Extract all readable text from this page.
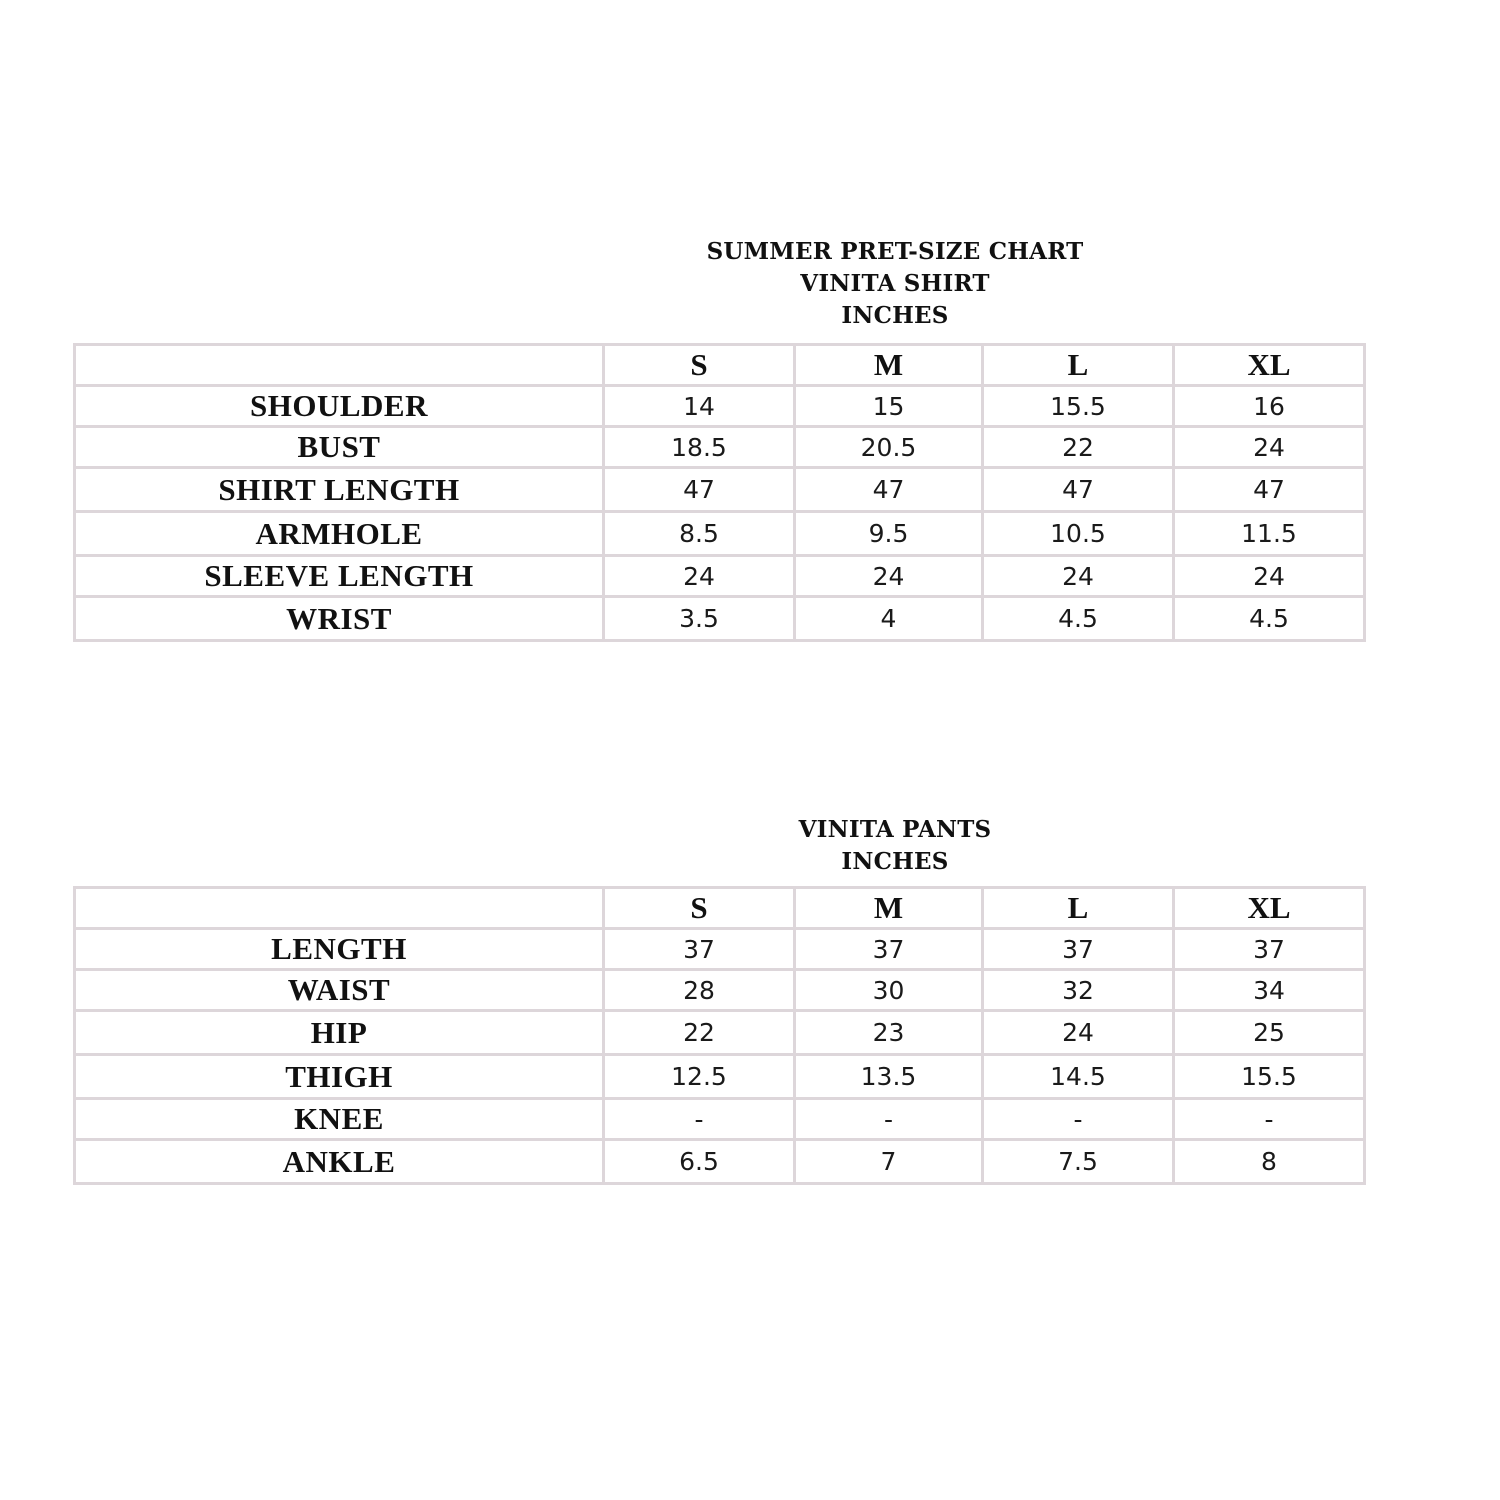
SUMMER PRET-SIZE CHART
VINITA SHIRT
INCHES
	S	M	L	XL
SHOULDER	14	15	15.5	16
BUST	18.5	20.5	22	24
SHIRT LENGTH	47	47	47	47
ARMHOLE	8.5	9.5	10.5	11.5
SLEEVE LENGTH	24	24	24	24
WRIST	3.5	4	4.5	4.5
VINITA PANTS
INCHES
	S	M	L	XL
LENGTH	37	37	37	37
WAIST	28	30	32	34
HIP	22	23	24	25
THIGH	12.5	13.5	14.5	15.5
KNEE	-	-	-	-
ANKLE	6.5	7	7.5	8
